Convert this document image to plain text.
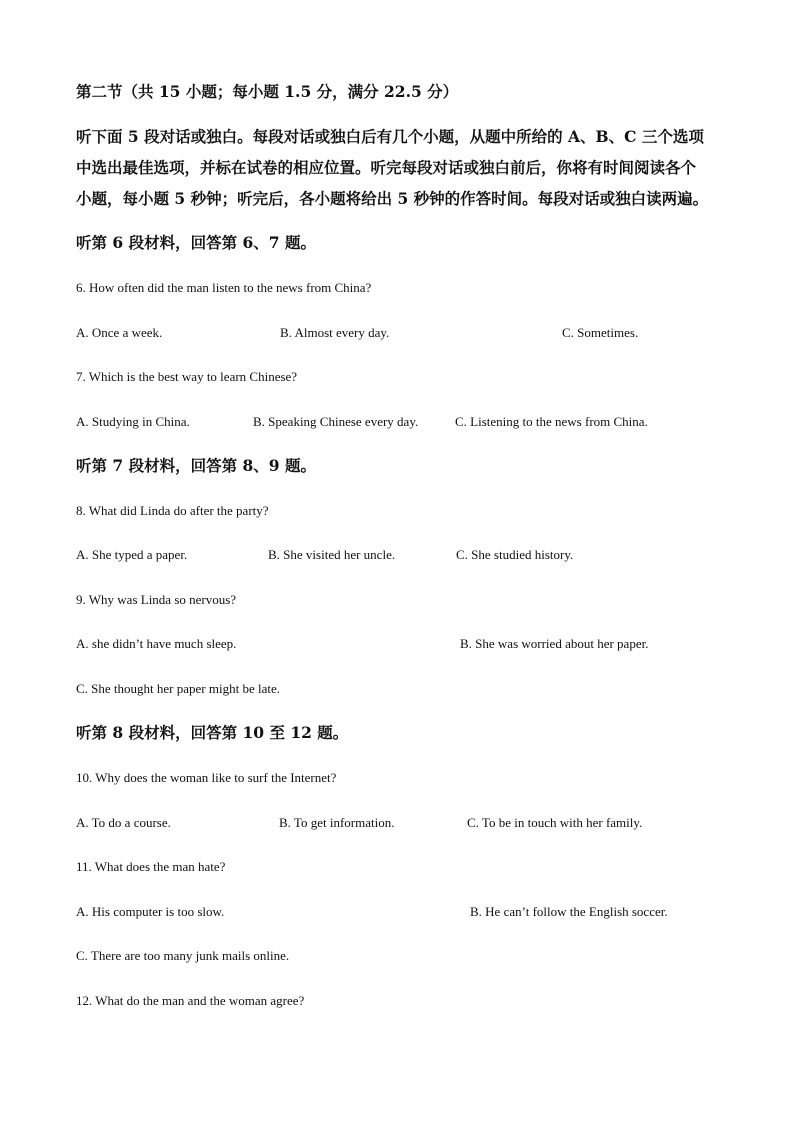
第二节（共 15 小题；每小题 1.5 分，满分 22.5 分）
听下面 5 段对话或独白。每段对话或独白后有几个小题，从题中所给的 A、B、C 三个选项
中选出最佳选项，并标在试卷的相应位置。听完每段对话或独白前后，你将有时间阅读各个
小题，每小题 5 秒钟；听完后，各小题将给出 5 秒钟的作答时间。每段对话或独白读两遍。
听第 6 段材料，回答第 6、7 题。
6. How often did the man listen to the news from China?
A. Once a week.	B. Almost every day.	C. Sometimes.
7. Which is the best way to learn Chinese?
A. Studying in China.	B. Speaking Chinese every day.	C. Listening to the news from China.
听第 7 段材料，回答第 8、9 题。
8. What did Linda do after the party?
A. She typed a paper.	B. She visited her uncle.	C. She studied history.
9. Why was Linda so nervous?
A. she didn’t have much sleep.	B. She was worried about her paper.
C. She thought her paper might be late.
听第 8 段材料，回答第 10 至 12 题。
10. Why does the woman like to surf the Internet?
A. To do a course.	B. To get information.	C. To be in touch with her family.
11. What does the man hate?
A. His computer is too slow.	B. He can’t follow the English soccer.
C. There are too many junk mails online.
12. What do the man and the woman agree?
